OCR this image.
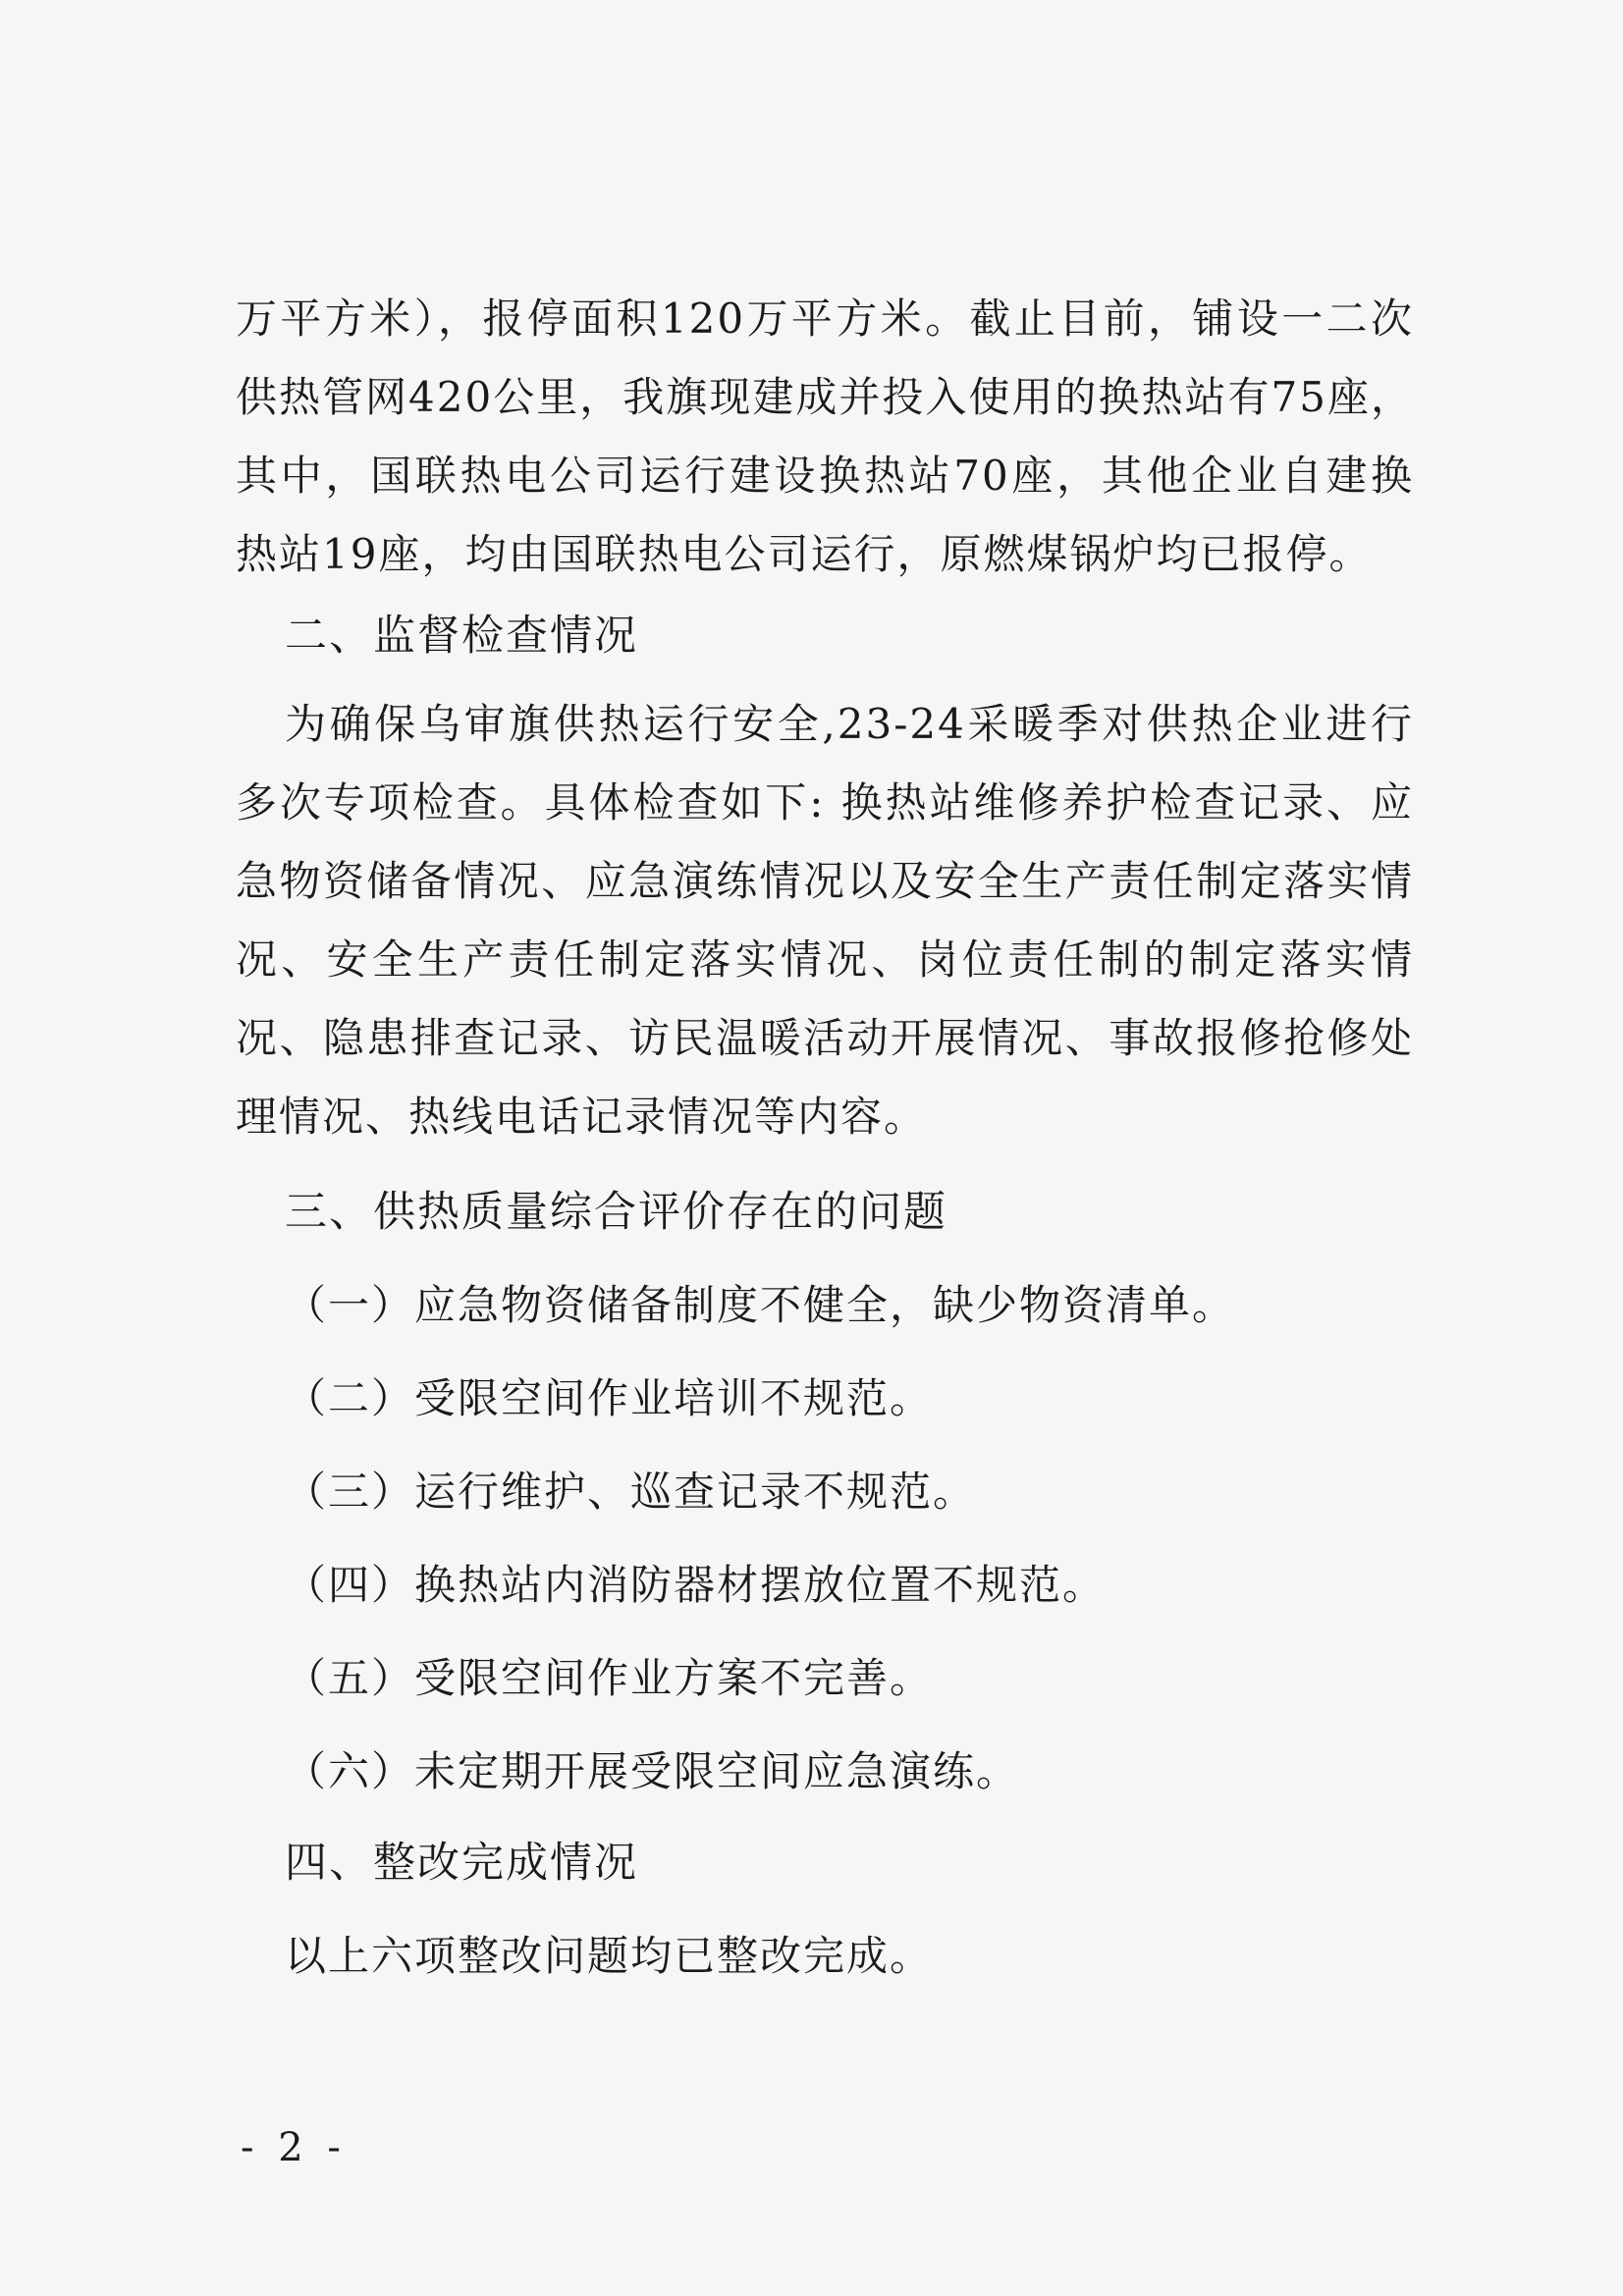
万平方米），报停面积120万平方米。截止目前，铺设一二次供热管网420公里，我旗现建成并投入使用的换热站有75座，其中，国联热电公司运行建设换热站70座，其他企业自建换热站19座，均由国联热电公司运行，原燃煤锅炉均已报停。

二、监督检查情况

为确保乌审旗供热运行安全,23-24采暖季对供热企业进行多次专项检查。具体检查如下: 换热站维修养护检查记录、应急物资储备情况、应急演练情况以及安全生产责任制定落实情况、安全生产责任制定落实情况、岗位责任制的制定落实情况、隐患排查记录、访民温暖活动开展情况、事故报修抢修处理情况、热线电话记录情况等内容。

三、供热质量综合评价存在的问题

（一）应急物资储备制度不健全，缺少物资清单。

（二）受限空间作业培训不规范。

（三）运行维护、巡查记录不规范。

（四）换热站内消防器材摆放位置不规范。

（五）受限空间作业方案不完善。

（六）未定期开展受限空间应急演练。

四、整改完成情况

以上六项整改问题均已整改完成。

- 2 -
